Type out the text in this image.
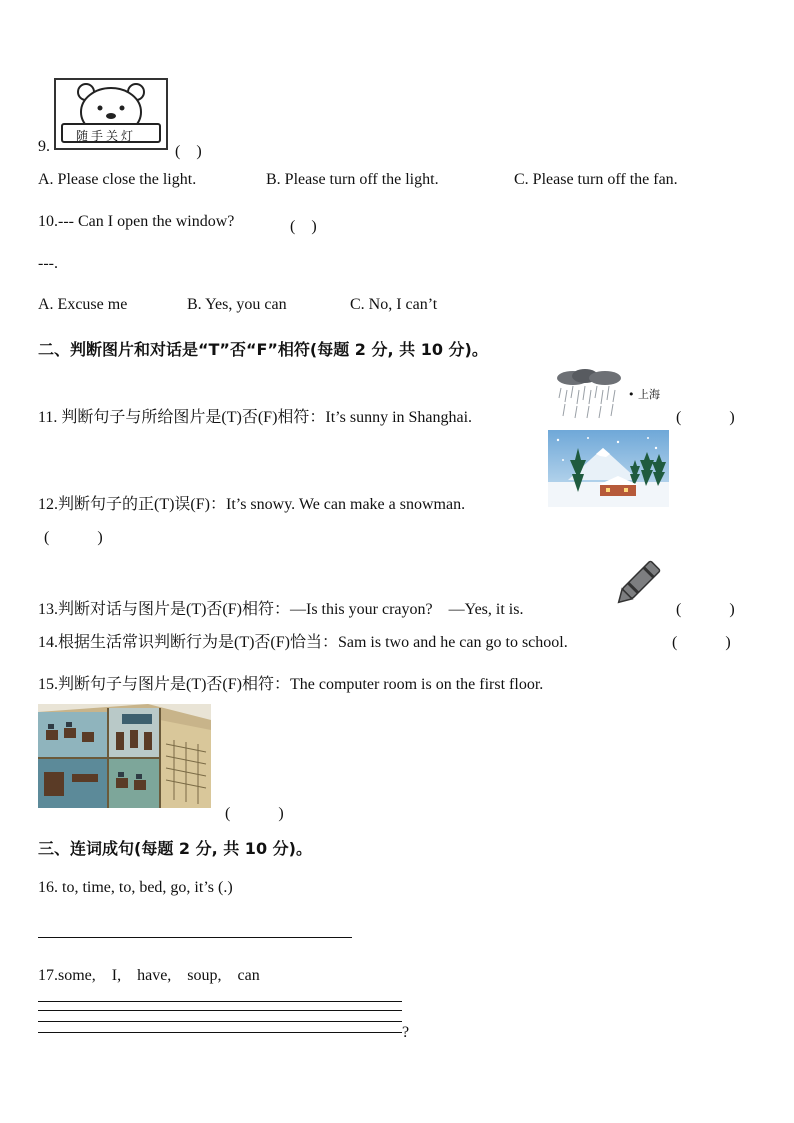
随手关灯
9.	(　)
A. Please close the light.	B. Please turn off the light.	C. Please turn off the fan.
10.--- Can I open the window?	(　)
---.
A. Excuse me	B. Yes, you can	C. No, I can’t
二、判断图片和对话是“T”否“F”相符(每题 2 分, 共 10 分)。
11. 判断句子与所给图片是(T)否(F)相符：It’s sunny in Shanghai.
• 上海
(　　　)
12.判断句子的正(T)误(F)：It’s snowy. We can make a snowman.
(　　　)
13.判断对话与图片是(T)否(F)相符：—Is this your crayon?　—Yes, it is.	(　　　)
14.根据生活常识判断行为是(T)否(F)恰当：Sam is two and he can go to school.	(　　　)
15.判断句子与图片是(T)否(F)相符：The computer room is on the first floor.
(　　　)
三、连词成句(每题 2 分, 共 10 分)。
16. to, time, to, bed, go, it’s (.)
17.some,　I,　have,　soup,　can
?
